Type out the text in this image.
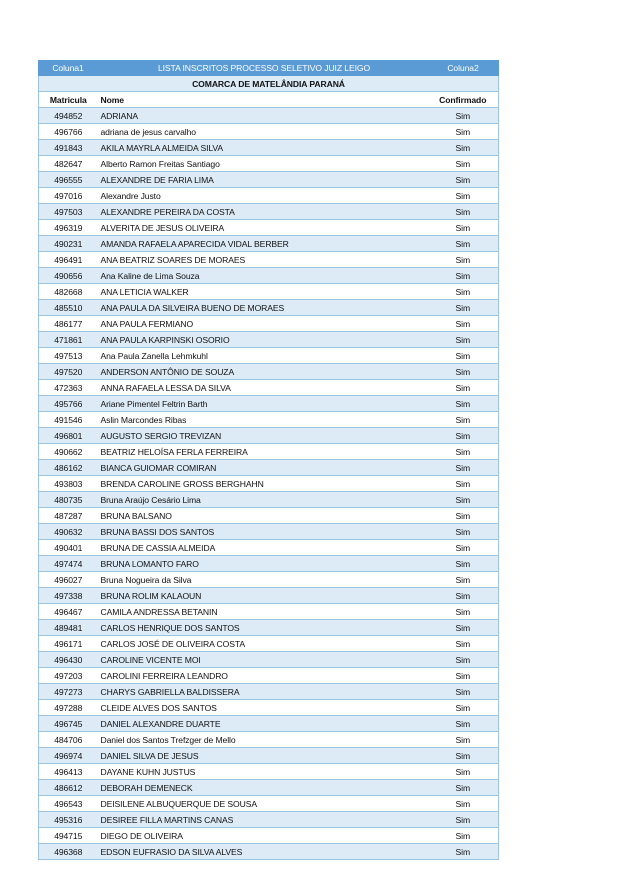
Coluna1	LISTA INSCRITOS PROCESSO SELETIVO JUIZ LEIGO	Coluna2
COMARCA DE MATELÂNDIA PARANÁ		
Matricula	Nome	Confirmado
494852	ADRIANA	Sim
496766	adriana de jesus carvalho	Sim
491843	AKILA MAYRLA ALMEIDA SILVA	Sim
482647	Alberto Ramon Freitas Santiago	Sim
496555	ALEXANDRE DE FARIA LIMA	Sim
497016	Alexandre Justo	Sim
497503	ALEXANDRE PEREIRA DA COSTA	Sim
496319	ALVERITA DE JESUS OLIVEIRA	Sim
490231	AMANDA RAFAELA APARECIDA VIDAL BERBER	Sim
496491	ANA BEATRIZ SOARES DE MORAES	Sim
490656	Ana Kaline de Lima Souza	Sim
482668	ANA LETICIA WALKER	Sim
485510	ANA PAULA DA SILVEIRA BUENO DE MORAES	Sim
486177	ANA PAULA FERMIANO	Sim
471861	ANA PAULA KARPINSKI OSORIO	Sim
497513	Ana Paula Zanella Lehmkuhl	Sim
497520	ANDERSON ANTÔNIO DE SOUZA	Sim
472363	ANNA RAFAELA LESSA DA SILVA	Sim
495766	Ariane Pimentel Feltrin Barth	Sim
491546	Aslin Marcondes Ribas	Sim
496801	AUGUSTO SERGIO TREVIZAN	Sim
490662	BEATRIZ HELOÍSA FERLA FERREIRA	Sim
486162	BIANCA GUIOMAR COMIRAN	Sim
493803	BRENDA CAROLINE GROSS BERGHAHN	Sim
480735	Bruna Araújo Cesário Lima	Sim
487287	BRUNA BALSANO	Sim
490632	BRUNA BASSI DOS SANTOS	Sim
490401	BRUNA DE CASSIA ALMEIDA	Sim
497474	BRUNA LOMANTO FARO	Sim
496027	Bruna Nogueira da Silva	Sim
497338	BRUNA ROLIM KALAOUN	Sim
496467	CAMILA ANDRESSA BETANIN	Sim
489481	CARLOS HENRIQUE DOS SANTOS	Sim
496171	CARLOS JOSÉ DE OLIVEIRA COSTA	Sim
496430	CAROLINE VICENTE MOI	Sim
497203	CAROLINI FERREIRA LEANDRO	Sim
497273	CHARYS GABRIELLA BALDISSERA	Sim
497288	CLEIDE ALVES DOS SANTOS	Sim
496745	DANIEL ALEXANDRE DUARTE	Sim
484706	Daniel dos Santos Trefzger de Mello	Sim
496974	DANIEL SILVA DE JESUS	Sim
496413	DAYANE KUHN JUSTUS	Sim
486612	DEBORAH DEMENECK	Sim
496543	DEISILENE ALBUQUERQUE DE SOUSA	Sim
495316	DESIREE FILLA MARTINS CANAS	Sim
494715	DIEGO DE OLIVEIRA	Sim
496368	EDSON EUFRASIO DA SILVA ALVES	Sim
